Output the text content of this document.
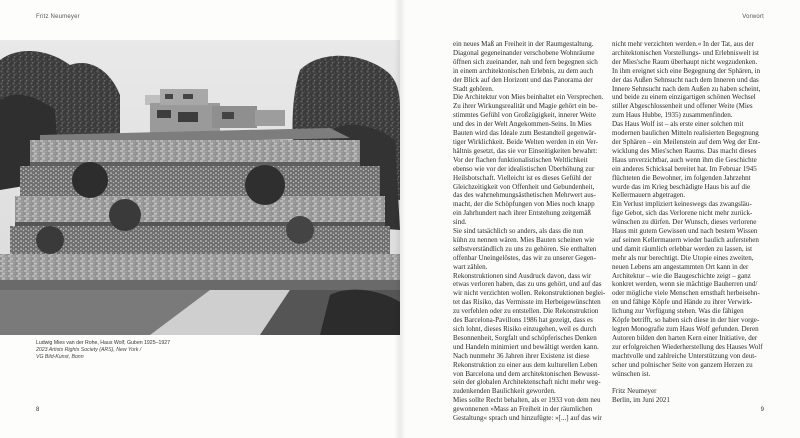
Fritz Neumeyer
Ludwig Mies van der Rohe, Haus Wolf, Guben 1925–1927
2023 Artists Rights Society (ARS), New York /
VG Bild-Kunst, Bonn
8
Vorwort
9
ein neues Maß an Freiheit in der Raumgestaltung.
Diagonal gegeneinander verschobene Wohnräume
öffnen sich zueinander, nah und fern begegnen sich
in einem architektonischen Erlebnis, zu dem auch
der Blick auf den Horizont und das Panorama der
Stadt gehören.
Die Architektur von Mies beinhaltet ein Versprechen.
Zu ihrer Wirkungsrealität und Magie gehört ein be-
stimmtes Gefühl von Großzügigkeit, innerer Weite
und des in der Welt Angekommen-Seins. In Mies
Bauten wird das Ideale zum Bestandteil gegenwär-
tiger Wirklichkeit. Beide Welten werden in ein Ver-
hältnis gesetzt, das sie vor Einseitigkeiten bewahrt:
Vor der flachen funktionalistischen Weltlichkeit
ebenso wie vor der idealistischen Überhöhung zur
Heilsbotschaft. Vielleicht ist es dieses Gefühl der
Gleichzeitigkeit von Offenheit und Gebundenheit,
das des wahrnehmungsästhetischen Mehrwert aus-
macht, der die Schöpfungen von Mies noch knapp
ein Jahrhundert nach ihrer Entstehung zeitgemäß
sind.
Sie sind tatsächlich so anders, als dass die nun
kühn zu nennen wären. Mies Bauten scheinen wie
selbstverständlich zu uns zu gehören. Sie enthalten
offenbar Uneingelöstes, das wir zu unserer Gegen-
wart zählen.
Rekonstruktionen sind Ausdruck davon, dass wir
etwas verloren haben, das zu uns gehört, und auf das
wir nicht verzichten wollen. Rekonstruktionen beglei-
tet das Risiko, das Vermisste im Herbeigewünschten
zu verfehlen oder zu entstellen. Die Rekonstruktion
des Barcelona-Pavillons 1986 hat gezeigt, dass es
sich lohnt, dieses Risiko einzugehen, weil es durch
Besonnenheit, Sorgfalt und schöpferisches Denken
und Handeln minimiert und bewältigt werden kann.
Nach nunmehr 36 Jahren ihrer Existenz ist diese
Rekonstruktion zu einer aus dem kulturellen Leben
von Barcelona und dem architektonischen Bewusst-
sein der globalen Architektenschaft nicht mehr weg-
zudenkenden Baulichkeit geworden.
Mies sollte Recht behalten, als er 1933 von dem neu
gewonnenen »Mass an Freiheit in der räumlichen
Gestaltung« sprach und hinzufügte: »[...] auf das wir
nicht mehr verzichten werden.« In der Tat, aus der
architektonischen Vorstellungs- und Erlebniswelt ist
der Mies'sche Raum überhaupt nicht wegzudenken.
In ihm ereignet sich eine Begegnung der Sphären, in
der das Außen Sehnsucht nach dem Inneren und das
Innere Sehnsucht nach dem Außen zu haben scheint,
und beide zu einem einzigartigen schönen Wechsel
stiller Abgeschlossenheit und offener Weite (Mies
zum Haus Hubbe, 1935) zusammenfinden.
Das Haus Wolf ist – als erste einer solchen mit
modernen baulichen Mitteln realisierten Begegnung
der Sphären – ein Meilenstein auf dem Weg der Ent-
wicklung des Mies'schen Raums. Das macht dieses
Haus unverzichtbar, auch wenn ihm die Geschichte
ein anderes Schicksal bereitet hat. Im Februar 1945
flüchteten die Bewohner, im folgenden Jahrzehnt
wurde das im Krieg beschädigte Haus bis auf die
Kellermauern abgetragen.
Ein Verlust impliziert keineswegs das zwangsläu-
fige Gebot, sich das Verlorene nicht mehr zurück-
wünschen zu dürfen. Der Wunsch, dieses verlorene
Haus mit gutem Gewissen und nach bestem Wissen
auf seinen Kellermauern wieder baulich auferstehen
und damit räumlich erlebbar werden zu lassen, ist
mehr als nur berechtigt. Die Utopie eines zweiten,
neuen Lebens am angestammten Ort kann in der
Architektur – wie die Baugeschichte zeigt – ganz
konkret werden, wenn sie mächtige Bauherren und/
oder mögliche viele Menschen ernsthaft herbeisehn-
en und fähige Köpfe und Hände zu ihrer Verwirk-
lichung zur Verfügung stehen. Was die fähigen
Köpfe betrifft, so haben sich diese in der hier vorge-
legten Monografie zum Haus Wolf gefunden. Deren
Autoren bilden den harten Kern einer Initiative, der
zur erfolgreichen Wiederherstellung des Hauses Wolf
machtvolle und zahlreiche Unterstützung von deut-
scher und polnischer Seite von ganzem Herzen zu
wünschen ist.
Fritz Neumeyer
Berlin, im Juni 2021
